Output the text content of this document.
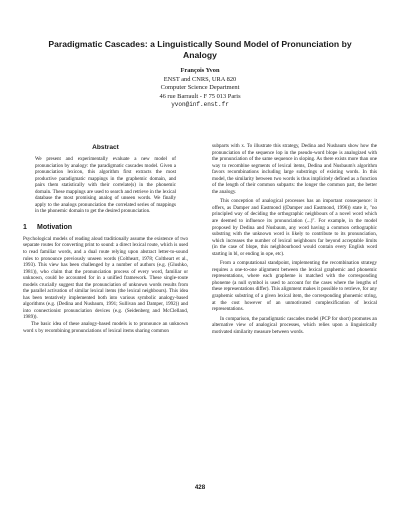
Paradigmatic Cascades: a Linguistically Sound Model of Pronunciation by Analogy
François Yvon
ENST and CNRS, URA 820
Computer Science Department
46 rue Barrault - F 75 013 Paris
yvon@inf.enst.fr
Abstract

We present and experimentally evaluate a new model of pronunciation by analogy: the paradigmatic cascades model. Given a pronunciation lexicon, this algorithm first extracts the most productive paradigmatic mappings in the graphemic domain, and pairs them statistically with their correlate(s) in the phonemic domain. These mappings are used to search and retrieve in the lexical database the most promising analog of unseen words. We finally apply to the analogs pronunciation the correlated series of mappings in the phonemic domain to get the desired pronunciation.

1 Motivation

Psychological models of reading aloud traditionally assume the existence of two separate routes for converting print to sound: a direct lexical route, which is used to read familiar words, and a dual route relying upon abstract letter-to-sound rules to pronounce previously unseen words (Coltheart, 1978; Coltheart et al., 1993). This view has been challenged by a number of authors (e.g. (Glushko, 1981)), who claim that the pronunciation process of every word, familiar or unknown, could be accounted for in a unified framework. These single-route models crucially suggest that the pronunciation of unknown words results from the parallel activation of similar lexical items (the lexical neighbours). This idea has been tentatively implemented both into various symbolic analogy-based algorithms (e.g. (Dedina and Nusbaum, 1991; Sullivan and Damper, 1992)) and into connectionist pronunciation devices (e.g. (Seidenberg and McClelland, 1989)).

The basic idea of these analogy-based models is to pronounce an unknown word x by recombining pronunciations of lexical items sharing common

subparts with x. To illustrate this strategy, Dedina and Nusbaum show how the pronunciation of the sequence lop in the pseudo-word blope is analogized with the pronunciation of the same sequence in sloping. As there exists more than one way to recombine segments of lexical items, Dedina and Nusbaum's algorithm favors recombinations including large substrings of existing words. In this model, the similarity between two words is thus implicitely defined as a function of the length of their common subparts: the longer the common part, the better the analogy.

This conception of analogical processes has an important consequence: it offers, as Damper and Eastmond ((Damper and Eastmond, 1996)) state it, "no principled way of deciding the orthographic neighbours of a novel word which are deemed to influence its pronunciation (...)". For example, in the model proposed by Dedina and Nusbaum, any word having a common orthographic substring with the unknown word is likely to contribute to its pronunciation, which increases the number of lexical neighbours far beyond acceptable limits (in the case of blope, this neighbourhood would contain every English word starting in bl, or ending in ope, etc).

From a computational standpoint, implementing the recombination strategy requires a one-to-one alignment between the lexical graphemic and phonemic representations, where each grapheme is matched with the corresponding phoneme (a null symbol is used to account for the cases where the lengths of these representations differ). This alignment makes it possible to retrieve, for any graphemic substring of a given lexical item, the corresponding phonemic string, at the cost however of an unmotivated complexification of lexical representations.

In comparison, the paradigmatic cascades model (PCP for short) promotes an alternative view of analogical processes, which relies upon a linguistically motivated similarity measure between words.

428
